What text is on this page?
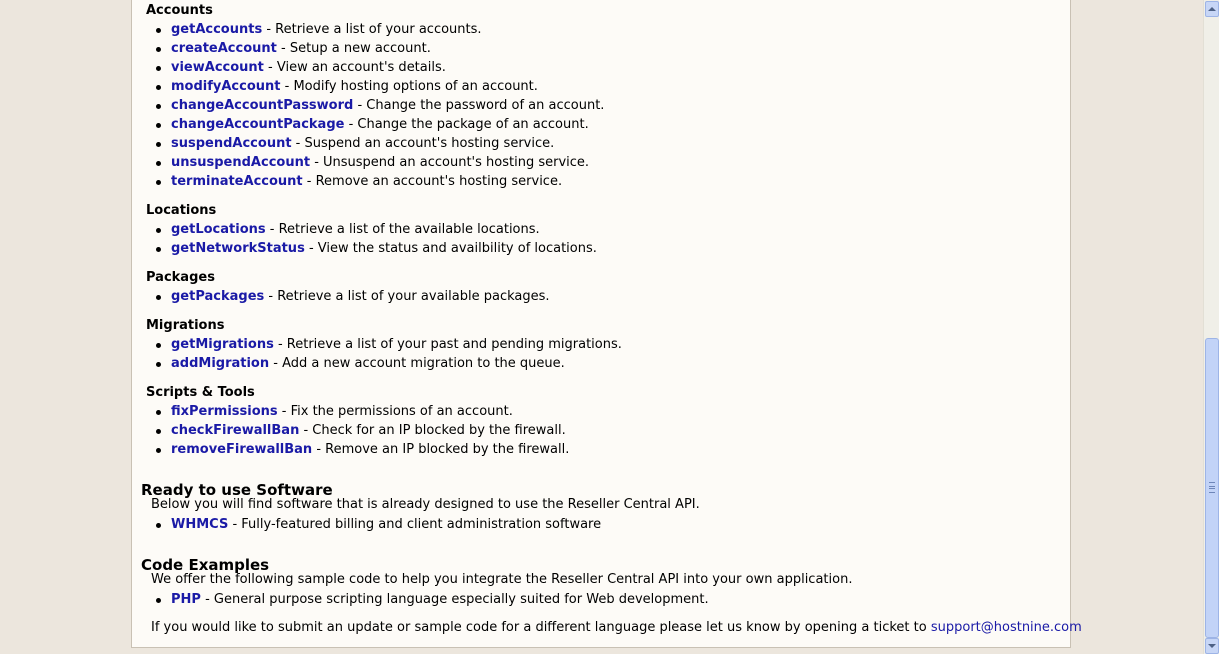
Accounts
getAccounts - Retrieve a list of your accounts.
createAccount - Setup a new account.
viewAccount - View an account's details.
modifyAccount - Modify hosting options of an account.
changeAccountPassword - Change the password of an account.
changeAccountPackage - Change the package of an account.
suspendAccount - Suspend an account's hosting service.
unsuspendAccount - Unsuspend an account's hosting service.
terminateAccount - Remove an account's hosting service.
Locations
getLocations - Retrieve a list of the available locations.
getNetworkStatus - View the status and availbility of locations.
Packages
getPackages - Retrieve a list of your available packages.
Migrations
getMigrations - Retrieve a list of your past and pending migrations.
addMigration - Add a new account migration to the queue.
Scripts & Tools
fixPermissions - Fix the permissions of an account.
checkFirewallBan - Check for an IP blocked by the firewall.
removeFirewallBan - Remove an IP blocked by the firewall.
Ready to use Software
Below you will find software that is already designed to use the Reseller Central API.
WHMCS - Fully-featured billing and client administration software
Code Examples
We offer the following sample code to help you integrate the Reseller Central API into your own application.
PHP - General purpose scripting language especially suited for Web development.
If you would like to submit an update or sample code for a different language please let us know by opening a ticket to support@hostnine.com
